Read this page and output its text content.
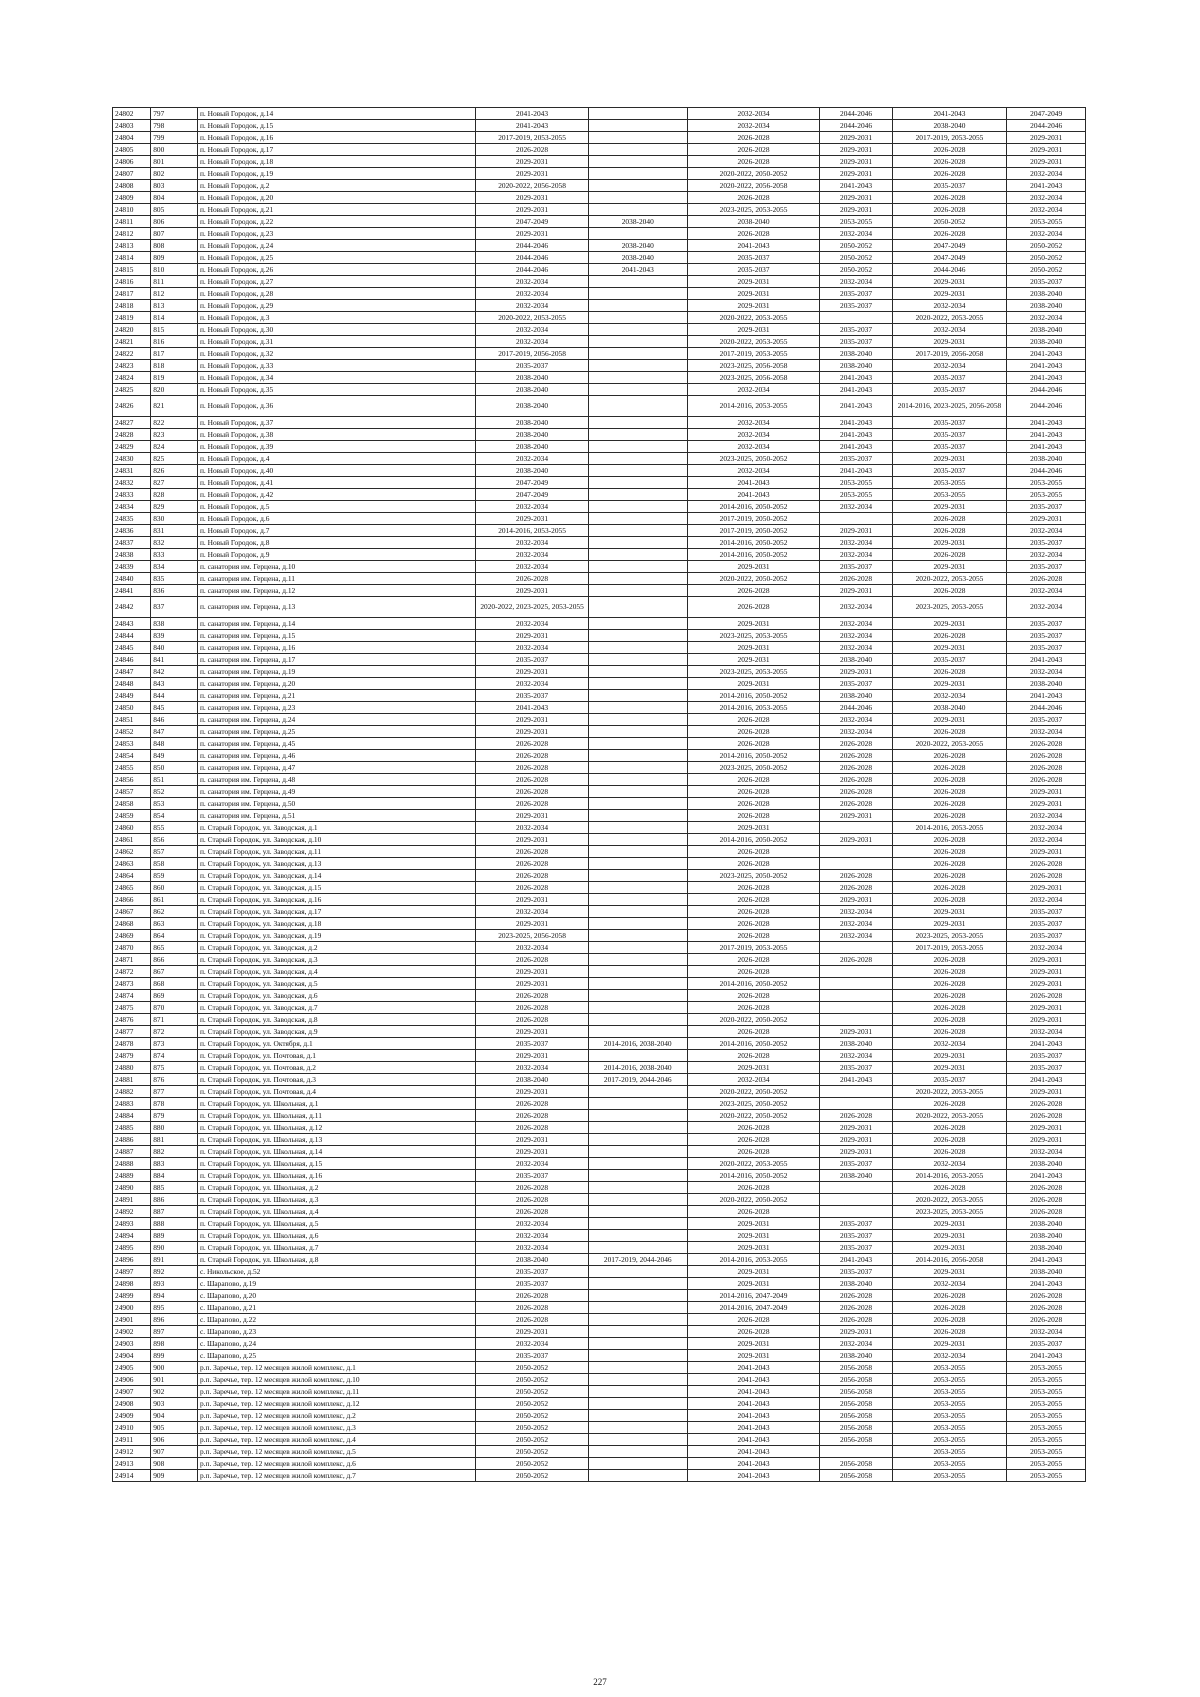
24802	797	п. Новый Городок, д.14	2041-2043		2032-2034	2044-2046	2041-2043	2047-2049
24803	798	п. Новый Городок, д.15	2041-2043		2032-2034	2044-2046	2038-2040	2044-2046
24804	799	п. Новый Городок, д.16	2017-2019, 2053-2055		2026-2028	2029-2031	2017-2019, 2053-2055	2029-2031
24805	800	п. Новый Городок, д.17	2026-2028		2026-2028	2029-2031	2026-2028	2029-2031
24806	801	п. Новый Городок, д.18	2029-2031		2026-2028	2029-2031	2026-2028	2029-2031
24807	802	п. Новый Городок, д.19	2029-2031		2020-2022, 2050-2052	2029-2031	2026-2028	2032-2034
24808	803	п. Новый Городок, д.2	2020-2022, 2056-2058		2020-2022, 2056-2058	2041-2043	2035-2037	2041-2043
24809	804	п. Новый Городок, д.20	2029-2031		2026-2028	2029-2031	2026-2028	2032-2034
24810	805	п. Новый Городок, д.21	2029-2031		2023-2025, 2053-2055	2029-2031	2026-2028	2032-2034
24811	806	п. Новый Городок, д.22	2047-2049	2038-2040	2038-2040	2053-2055	2050-2052	2053-2055
24812	807	п. Новый Городок, д.23	2029-2031		2026-2028	2032-2034	2026-2028	2032-2034
24813	808	п. Новый Городок, д.24	2044-2046	2038-2040	2041-2043	2050-2052	2047-2049	2050-2052
24814	809	п. Новый Городок, д.25	2044-2046	2038-2040	2035-2037	2050-2052	2047-2049	2050-2052
24815	810	п. Новый Городок, д.26	2044-2046	2041-2043	2035-2037	2050-2052	2044-2046	2050-2052
24816	811	п. Новый Городок, д.27	2032-2034		2029-2031	2032-2034	2029-2031	2035-2037
24817	812	п. Новый Городок, д.28	2032-2034		2029-2031	2035-2037	2029-2031	2038-2040
24818	813	п. Новый Городок, д.29	2032-2034		2029-2031	2035-2037	2032-2034	2038-2040
24819	814	п. Новый Городок, д.3	2020-2022, 2053-2055		2020-2022, 2053-2055		2020-2022, 2053-2055	2032-2034
24820	815	п. Новый Городок, д.30	2032-2034		2029-2031	2035-2037	2032-2034	2038-2040
24821	816	п. Новый Городок, д.31	2032-2034		2020-2022, 2053-2055	2035-2037	2029-2031	2038-2040
24822	817	п. Новый Городок, д.32	2017-2019, 2056-2058		2017-2019, 2053-2055	2038-2040	2017-2019, 2056-2058	2041-2043
24823	818	п. Новый Городок, д.33	2035-2037		2023-2025, 2056-2058	2038-2040	2032-2034	2041-2043
24824	819	п. Новый Городок, д.34	2038-2040		2023-2025, 2056-2058	2041-2043	2035-2037	2041-2043
24825	820	п. Новый Городок, д.35	2038-2040		2032-2034	2041-2043	2035-2037	2044-2046
24826	821	п. Новый Городок, д.36	2038-2040		2014-2016, 2053-2055	2041-2043	2014-2016, 2023-2025, 2056-2058	2044-2046
24827	822	п. Новый Городок, д.37	2038-2040		2032-2034	2041-2043	2035-2037	2041-2043
24828	823	п. Новый Городок, д.38	2038-2040		2032-2034	2041-2043	2035-2037	2041-2043
24829	824	п. Новый Городок, д.39	2038-2040		2032-2034	2041-2043	2035-2037	2041-2043
24830	825	п. Новый Городок, д.4	2032-2034		2023-2025, 2050-2052	2035-2037	2029-2031	2038-2040
24831	826	п. Новый Городок, д.40	2038-2040		2032-2034	2041-2043	2035-2037	2044-2046
24832	827	п. Новый Городок, д.41	2047-2049		2041-2043	2053-2055	2053-2055	2053-2055
24833	828	п. Новый Городок, д.42	2047-2049		2041-2043	2053-2055	2053-2055	2053-2055
24834	829	п. Новый Городок, д.5	2032-2034		2014-2016, 2050-2052	2032-2034	2029-2031	2035-2037
24835	830	п. Новый Городок, д.6	2029-2031		2017-2019, 2050-2052		2026-2028	2029-2031
24836	831	п. Новый Городок, д.7	2014-2016, 2053-2055		2017-2019, 2050-2052	2029-2031	2026-2028	2032-2034
24837	832	п. Новый Городок, д.8	2032-2034		2014-2016, 2050-2052	2032-2034	2029-2031	2035-2037
24838	833	п. Новый Городок, д.9	2032-2034		2014-2016, 2050-2052	2032-2034	2026-2028	2032-2034
24839	834	п. санатория им. Герцена, д.10	2032-2034		2029-2031	2035-2037	2029-2031	2035-2037
24840	835	п. санатория им. Герцена, д.11	2026-2028		2020-2022, 2050-2052	2026-2028	2020-2022, 2053-2055	2026-2028
24841	836	п. санатория им. Герцена, д.12	2029-2031		2026-2028	2029-2031	2026-2028	2032-2034
24842	837	п. санатория им. Герцена, д.13	2020-2022, 2023-2025, 2053-2055		2026-2028	2032-2034	2023-2025, 2053-2055	2032-2034
24843	838	п. санатория им. Герцена, д.14	2032-2034		2029-2031	2032-2034	2029-2031	2035-2037
24844	839	п. санатория им. Герцена, д.15	2029-2031		2023-2025, 2053-2055	2032-2034	2026-2028	2035-2037
24845	840	п. санатория им. Герцена, д.16	2032-2034		2029-2031	2032-2034	2029-2031	2035-2037
24846	841	п. санатория им. Герцена, д.17	2035-2037		2029-2031	2038-2040	2035-2037	2041-2043
24847	842	п. санатория им. Герцена, д.19	2029-2031		2023-2025, 2053-2055	2029-2031	2026-2028	2032-2034
24848	843	п. санатория им. Герцена, д.20	2032-2034		2029-2031	2035-2037	2029-2031	2038-2040
24849	844	п. санатория им. Герцена, д.21	2035-2037		2014-2016, 2050-2052	2038-2040	2032-2034	2041-2043
24850	845	п. санатория им. Герцена, д.23	2041-2043		2014-2016, 2053-2055	2044-2046	2038-2040	2044-2046
24851	846	п. санатория им. Герцена, д.24	2029-2031		2026-2028	2032-2034	2029-2031	2035-2037
24852	847	п. санатория им. Герцена, д.25	2029-2031		2026-2028	2032-2034	2026-2028	2032-2034
24853	848	п. санатория им. Герцена, д.45	2026-2028		2026-2028	2026-2028	2020-2022, 2053-2055	2026-2028
24854	849	п. санатория им. Герцена, д.46	2026-2028		2014-2016, 2050-2052	2026-2028	2026-2028	2026-2028
24855	850	п. санатория им. Герцена, д.47	2026-2028		2023-2025, 2050-2052	2026-2028	2026-2028	2026-2028
24856	851	п. санатория им. Герцена, д.48	2026-2028		2026-2028	2026-2028	2026-2028	2026-2028
24857	852	п. санатория им. Герцена, д.49	2026-2028		2026-2028	2026-2028	2026-2028	2029-2031
24858	853	п. санатория им. Герцена, д.50	2026-2028		2026-2028	2026-2028	2026-2028	2029-2031
24859	854	п. санатория им. Герцена, д.51	2029-2031		2026-2028	2029-2031	2026-2028	2032-2034
24860	855	п. Старый Городок, ул. Заводская, д.1	2032-2034		2029-2031		2014-2016, 2053-2055	2032-2034
24861	856	п. Старый Городок, ул. Заводская, д.10	2029-2031		2014-2016, 2050-2052	2029-2031	2026-2028	2032-2034
24862	857	п. Старый Городок, ул. Заводская, д.11	2026-2028		2026-2028		2026-2028	2029-2031
24863	858	п. Старый Городок, ул. Заводская, д.13	2026-2028		2026-2028		2026-2028	2026-2028
24864	859	п. Старый Городок, ул. Заводская, д.14	2026-2028		2023-2025, 2050-2052	2026-2028	2026-2028	2026-2028
24865	860	п. Старый Городок, ул. Заводская, д.15	2026-2028		2026-2028	2026-2028	2026-2028	2029-2031
24866	861	п. Старый Городок, ул. Заводская, д.16	2029-2031		2026-2028	2029-2031	2026-2028	2032-2034
24867	862	п. Старый Городок, ул. Заводская, д.17	2032-2034		2026-2028	2032-2034	2029-2031	2035-2037
24868	863	п. Старый Городок, ул. Заводская, д.18	2029-2031		2026-2028	2032-2034	2029-2031	2035-2037
24869	864	п. Старый Городок, ул. Заводская, д.19	2023-2025, 2056-2058		2026-2028	2032-2034	2023-2025, 2053-2055	2035-2037
24870	865	п. Старый Городок, ул. Заводская, д.2	2032-2034		2017-2019, 2053-2055		2017-2019, 2053-2055	2032-2034
24871	866	п. Старый Городок, ул. Заводская, д.3	2026-2028		2026-2028	2026-2028	2026-2028	2029-2031
24872	867	п. Старый Городок, ул. Заводская, д.4	2029-2031		2026-2028		2026-2028	2029-2031
24873	868	п. Старый Городок, ул. Заводская, д.5	2029-2031		2014-2016, 2050-2052		2026-2028	2029-2031
24874	869	п. Старый Городок, ул. Заводская, д.6	2026-2028		2026-2028		2026-2028	2026-2028
24875	870	п. Старый Городок, ул. Заводская, д.7	2026-2028		2026-2028		2026-2028	2029-2031
24876	871	п. Старый Городок, ул. Заводская, д.8	2026-2028		2020-2022, 2050-2052		2026-2028	2029-2031
24877	872	п. Старый Городок, ул. Заводская, д.9	2029-2031		2026-2028	2029-2031	2026-2028	2032-2034
24878	873	п. Старый Городок, ул. Октября, д.1	2035-2037	2014-2016, 2038-2040	2014-2016, 2050-2052	2038-2040	2032-2034	2041-2043
24879	874	п. Старый Городок, ул. Почтовая, д.1	2029-2031		2026-2028	2032-2034	2029-2031	2035-2037
24880	875	п. Старый Городок, ул. Почтовая, д.2	2032-2034	2014-2016, 2038-2040	2029-2031	2035-2037	2029-2031	2035-2037
24881	876	п. Старый Городок, ул. Почтовая, д.3	2038-2040	2017-2019, 2044-2046	2032-2034	2041-2043	2035-2037	2041-2043
24882	877	п. Старый Городок, ул. Почтовая, д.4	2029-2031		2020-2022, 2050-2052		2020-2022, 2053-2055	2029-2031
24883	878	п. Старый Городок, ул. Школьная, д.1	2026-2028		2023-2025, 2050-2052		2026-2028	2026-2028
24884	879	п. Старый Городок, ул. Школьная, д.11	2026-2028		2020-2022, 2050-2052	2026-2028	2020-2022, 2053-2055	2026-2028
24885	880	п. Старый Городок, ул. Школьная, д.12	2026-2028		2026-2028	2029-2031	2026-2028	2029-2031
24886	881	п. Старый Городок, ул. Школьная, д.13	2029-2031		2026-2028	2029-2031	2026-2028	2029-2031
24887	882	п. Старый Городок, ул. Школьная, д.14	2029-2031		2026-2028	2029-2031	2026-2028	2032-2034
24888	883	п. Старый Городок, ул. Школьная, д.15	2032-2034		2020-2022, 2053-2055	2035-2037	2032-2034	2038-2040
24889	884	п. Старый Городок, ул. Школьная, д.16	2035-2037		2014-2016, 2050-2052	2038-2040	2014-2016, 2053-2055	2041-2043
24890	885	п. Старый Городок, ул. Школьная, д.2	2026-2028		2026-2028		2026-2028	2026-2028
24891	886	п. Старый Городок, ул. Школьная, д.3	2026-2028		2020-2022, 2050-2052		2020-2022, 2053-2055	2026-2028
24892	887	п. Старый Городок, ул. Школьная, д.4	2026-2028		2026-2028		2023-2025, 2053-2055	2026-2028
24893	888	п. Старый Городок, ул. Школьная, д.5	2032-2034		2029-2031	2035-2037	2029-2031	2038-2040
24894	889	п. Старый Городок, ул. Школьная, д.6	2032-2034		2029-2031	2035-2037	2029-2031	2038-2040
24895	890	п. Старый Городок, ул. Школьная, д.7	2032-2034		2029-2031	2035-2037	2029-2031	2038-2040
24896	891	п. Старый Городок, ул. Школьная, д.8	2038-2040	2017-2019, 2044-2046	2014-2016, 2053-2055	2041-2043	2014-2016, 2056-2058	2041-2043
24897	892	с. Никольское, д.52	2035-2037		2029-2031	2035-2037	2029-2031	2038-2040
24898	893	с. Шарапово, д.19	2035-2037		2029-2031	2038-2040	2032-2034	2041-2043
24899	894	с. Шарапово, д.20	2026-2028		2014-2016, 2047-2049	2026-2028	2026-2028	2026-2028
24900	895	с. Шарапово, д.21	2026-2028		2014-2016, 2047-2049	2026-2028	2026-2028	2026-2028
24901	896	с. Шарапово, д.22	2026-2028		2026-2028	2026-2028	2026-2028	2026-2028
24902	897	с. Шарапово, д.23	2029-2031		2026-2028	2029-2031	2026-2028	2032-2034
24903	898	с. Шарапово, д.24	2032-2034		2029-2031	2032-2034	2029-2031	2035-2037
24904	899	с. Шарапово, д.25	2035-2037		2029-2031	2038-2040	2032-2034	2041-2043
24905	900	р.п. Заречье, тер. 12 месяцев жилой комплекс, д.1	2050-2052		2041-2043	2056-2058	2053-2055	2053-2055
24906	901	р.п. Заречье, тер. 12 месяцев жилой комплекс, д.10	2050-2052		2041-2043	2056-2058	2053-2055	2053-2055
24907	902	р.п. Заречье, тер. 12 месяцев жилой комплекс, д.11	2050-2052		2041-2043	2056-2058	2053-2055	2053-2055
24908	903	р.п. Заречье, тер. 12 месяцев жилой комплекс, д.12	2050-2052		2041-2043	2056-2058	2053-2055	2053-2055
24909	904	р.п. Заречье, тер. 12 месяцев жилой комплекс, д.2	2050-2052		2041-2043	2056-2058	2053-2055	2053-2055
24910	905	р.п. Заречье, тер. 12 месяцев жилой комплекс, д.3	2050-2052		2041-2043	2056-2058	2053-2055	2053-2055
24911	906	р.п. Заречье, тер. 12 месяцев жилой комплекс, д.4	2050-2052		2041-2043	2056-2058	2053-2055	2053-2055
24912	907	р.п. Заречье, тер. 12 месяцев жилой комплекс, д.5	2050-2052		2041-2043		2053-2055	2053-2055
24913	908	р.п. Заречье, тер. 12 месяцев жилой комплекс, д.6	2050-2052		2041-2043	2056-2058	2053-2055	2053-2055
24914	909	р.п. Заречье, тер. 12 месяцев жилой комплекс, д.7	2050-2052		2041-2043	2056-2058	2053-2055	2053-2055
227
